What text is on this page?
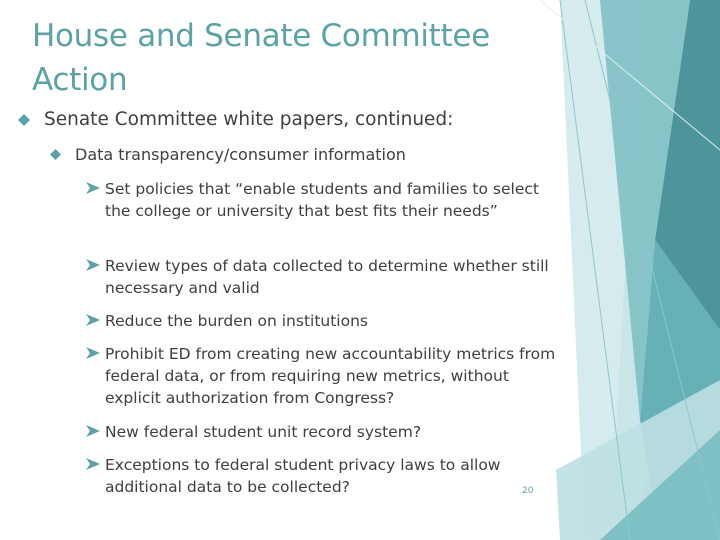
House and Senate Committee Action
Senate Committee white papers, continued:
Data transparency/consumer information
Set policies that “enable students and families to select the college or university that best fits their needs”
Review types of data collected to determine whether still necessary and valid
Reduce the burden on institutions
Prohibit ED from creating new accountability metrics from federal data, or from requiring new metrics, without explicit authorization from Congress?
New federal student unit record system?
Exceptions to federal student privacy laws to allow additional data to be collected?	20
